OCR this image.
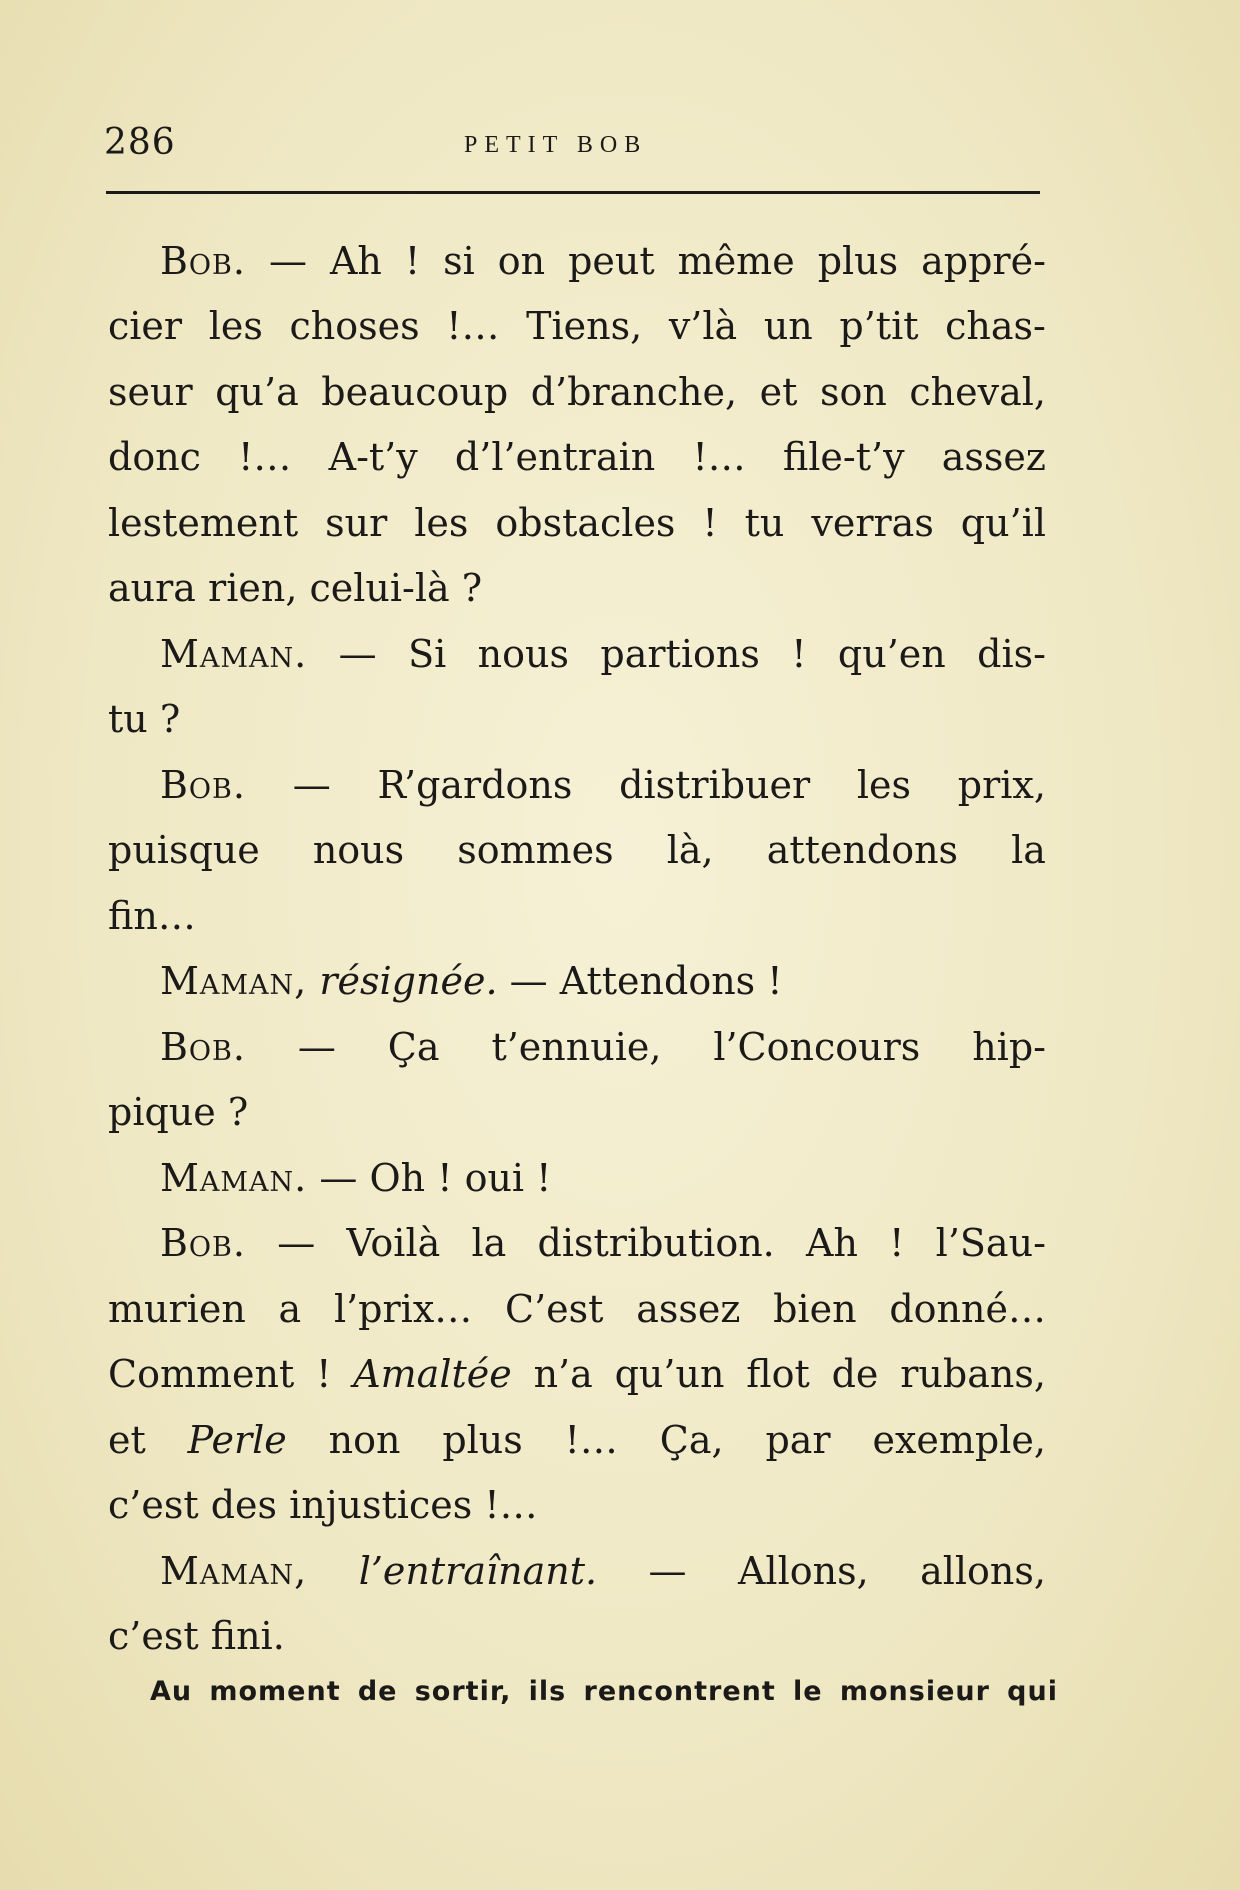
286	PETIT BOB
Bob. — Ah ! si on peut même plus appré-
cier les choses !… Tiens, v’là un p’tit chas-
seur qu’a beaucoup d’branche, et son cheval,
donc !… A-t’y d’l’entrain !… file-t’y assez
lestement sur les obstacles ! tu verras qu’il
aura
rien,
celui-là
?
Maman. — Si nous partions ! qu’en dis-
tu
?
Bob. — R’gardons distribuer les prix,
puisque nous sommes là, attendons la
fin…
Maman,
résignée.
—
Attendons
!
Bob. — Ça t’ennuie, l’Concours hip-
pique
?
Maman.
—
Oh
!
oui
!
Bob. — Voilà la distribution. Ah ! l’Sau-
murien a l’prix… C’est assez bien donné…
Comment ! Amaltée n’a qu’un flot de rubans,
et Perle non plus !… Ça, par exemple,
c’est
des
injustices
!…
Maman, l’entraînant. — Allons, allons,
c’est
fini.
Au moment de sortir, ils rencontrent le monsieur qui
